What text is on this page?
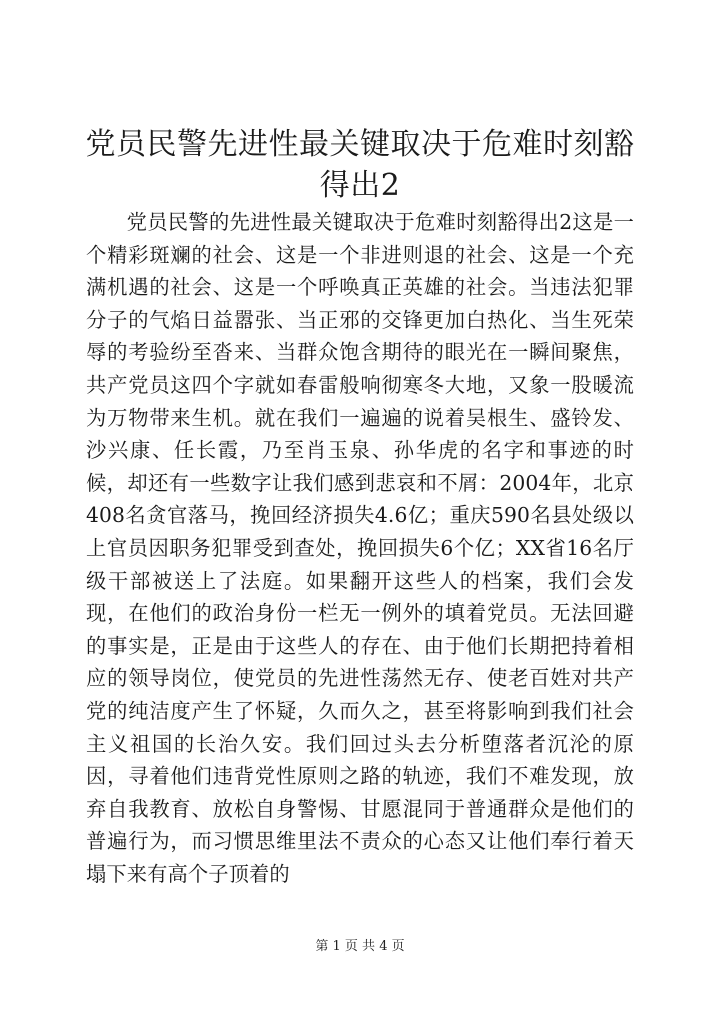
党员民警先进性最关键取决于危难时刻豁得出2

党员民警的先进性最关键取决于危难时刻豁得出2这是一个精彩斑斓的社会、这是一个非进则退的社会、这是一个充满机遇的社会、这是一个呼唤真正英雄的社会。当违法犯罪分子的气焰日益嚣张、当正邪的交锋更加白热化、当生死荣辱的考验纷至沓来、当群众饱含期待的眼光在一瞬间聚焦，共产党员这四个字就如春雷般响彻寒冬大地，又象一股暖流为万物带来生机。就在我们一遍遍的说着吴根生、盛铃发、沙兴康、任长霞，乃至肖玉泉、孙华虎的名字和事迹的时候，却还有一些数字让我们感到悲哀和不屑：2004年，北京408名贪官落马，挽回经济损失4.6亿；重庆590名县处级以上官员因职务犯罪受到查处，挽回损失6个亿；XX省16名厅级干部被送上了法庭。如果翻开这些人的档案，我们会发现，在他们的政治身份一栏无一例外的填着党员。无法回避的事实是，正是由于这些人的存在、由于他们长期把持着相应的领导岗位，使党员的先进性荡然无存、使老百姓对共产党的纯洁度产生了怀疑，久而久之，甚至将影响到我们社会主义祖国的长治久安。我们回过头去分析堕落者沉沦的原因，寻着他们违背党性原则之路的轨迹，我们不难发现，放弃自我教育、放松自身警惕、甘愿混同于普通群众是他们的普遍行为，而习惯思维里法不责众的心态又让他们奉行着天塌下来有高个子顶着的

第 1 页 共 4 页
